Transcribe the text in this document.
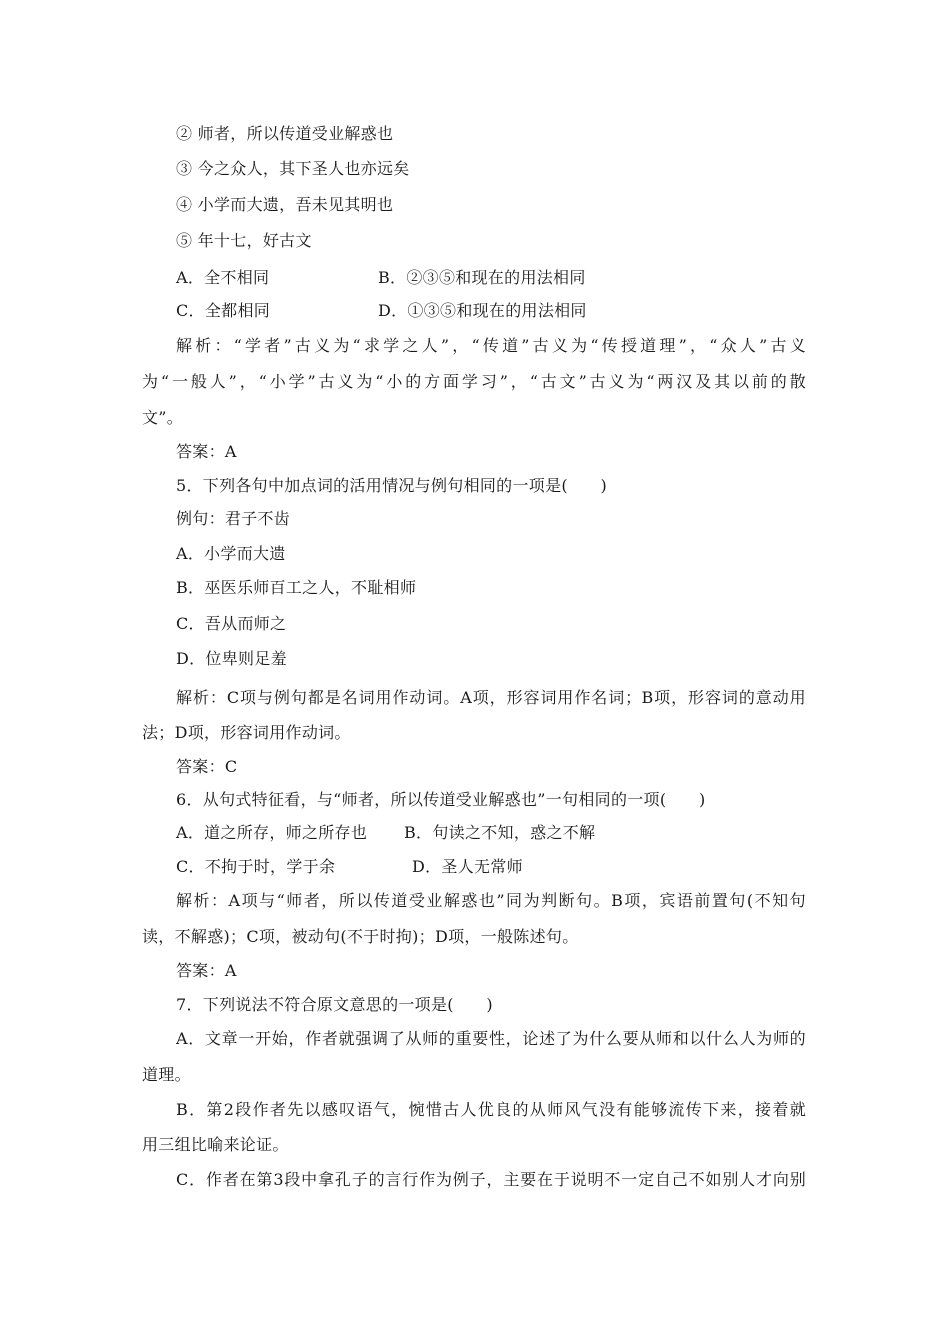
② 师者，所以传道受业解惑也
③ 今之众人，其下圣人也亦远矣
④ 小学而大遗，吾未见其明也
⑤ 年十七，好古文
A．全不相同	B．②③⑤和现在的用法相同
C．全都相同	D．①③⑤和现在的用法相同
解析：“学者”古义为“求学之人”，“传道”古义为“传授道理”，“众人”古义
为“一般人”，“小学”古义为“小的方面学习”，“古文”古义为“两汉及其以前的散
文”。
答案：A
5．下列各句中加点词的活用情况与例句相同的一项是(　　)
例句：君子不齿
A．小学而大遗
B．巫医乐师百工之人，不耻相师
C．吾从而师之
D．位卑则足羞
解析：C项与例句都是名词用作动词。A项，形容词用作名词；B项，形容词的意动用
法；D项，形容词用作动词。
答案：C
6．从句式特征看，与“师者，所以传道受业解惑也”一句相同的一项(　　)
A．道之所存，师之所存也 B．句读之不知，惑之不解
C．不拘于时，学于余	D．圣人无常师
解析：A项与“师者，所以传道受业解惑也”同为判断句。B项，宾语前置句(不知句
读，不解惑)；C项，被动句(不于时拘)；D项，一般陈述句。
答案：A
7．下列说法不符合原文意思的一项是(　　)
A．文章一开始，作者就强调了从师的重要性，论述了为什么要从师和以什么人为师的
道理。
B．第2段作者先以感叹语气，惋惜古人优良的从师风气没有能够流传下来，接着就
用三组比喻来论证。
C．作者在第3段中拿孔子的言行作为例子，主要在于说明不一定自己不如别人才向别
